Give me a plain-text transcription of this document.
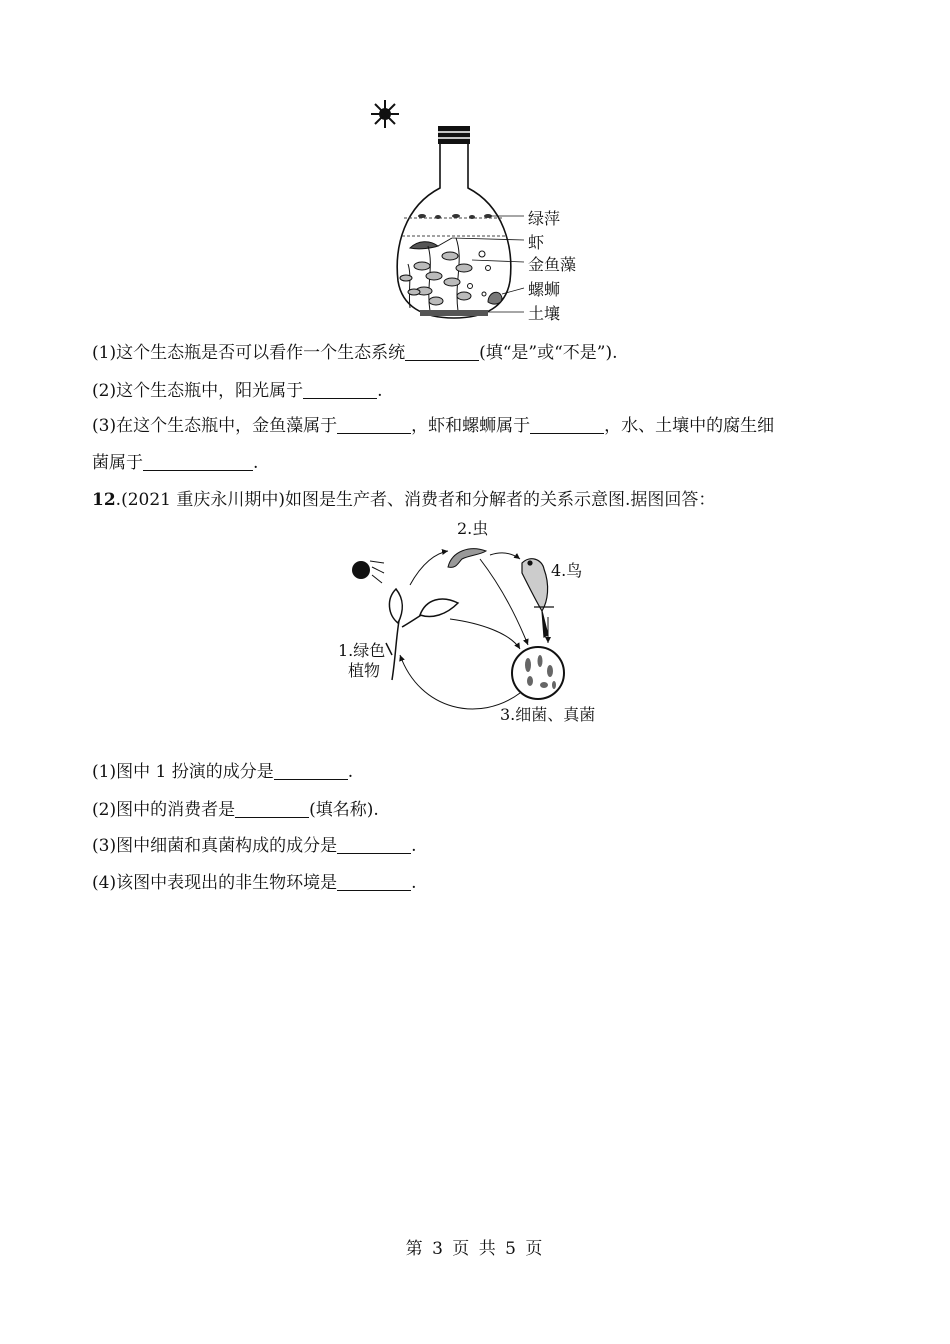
绿萍
虾
金鱼藻
螺蛳
土壤
(1)这个生态瓶是否可以看作一个生态系统	(填“是”或“不是”).
(2)这个生态瓶中，阳光属于	.
(3)在这个生态瓶中，金鱼藻属于	，虾和螺蛳属于	，水、土壤中的腐生细
菌属于	.
12.(2021 重庆永川期中)如图是生产者、消费者和分解者的关系示意图.据图回答：
2.虫
4.鸟
1.绿色
植物
3.细菌、真菌
(1)图中 1 扮演的成分是	.
(2)图中的消费者是	(填名称).
(3)图中细菌和真菌构成的成分是	.
(4)该图中表现出的非生物环境是	.
第 3 页 共 5 页
